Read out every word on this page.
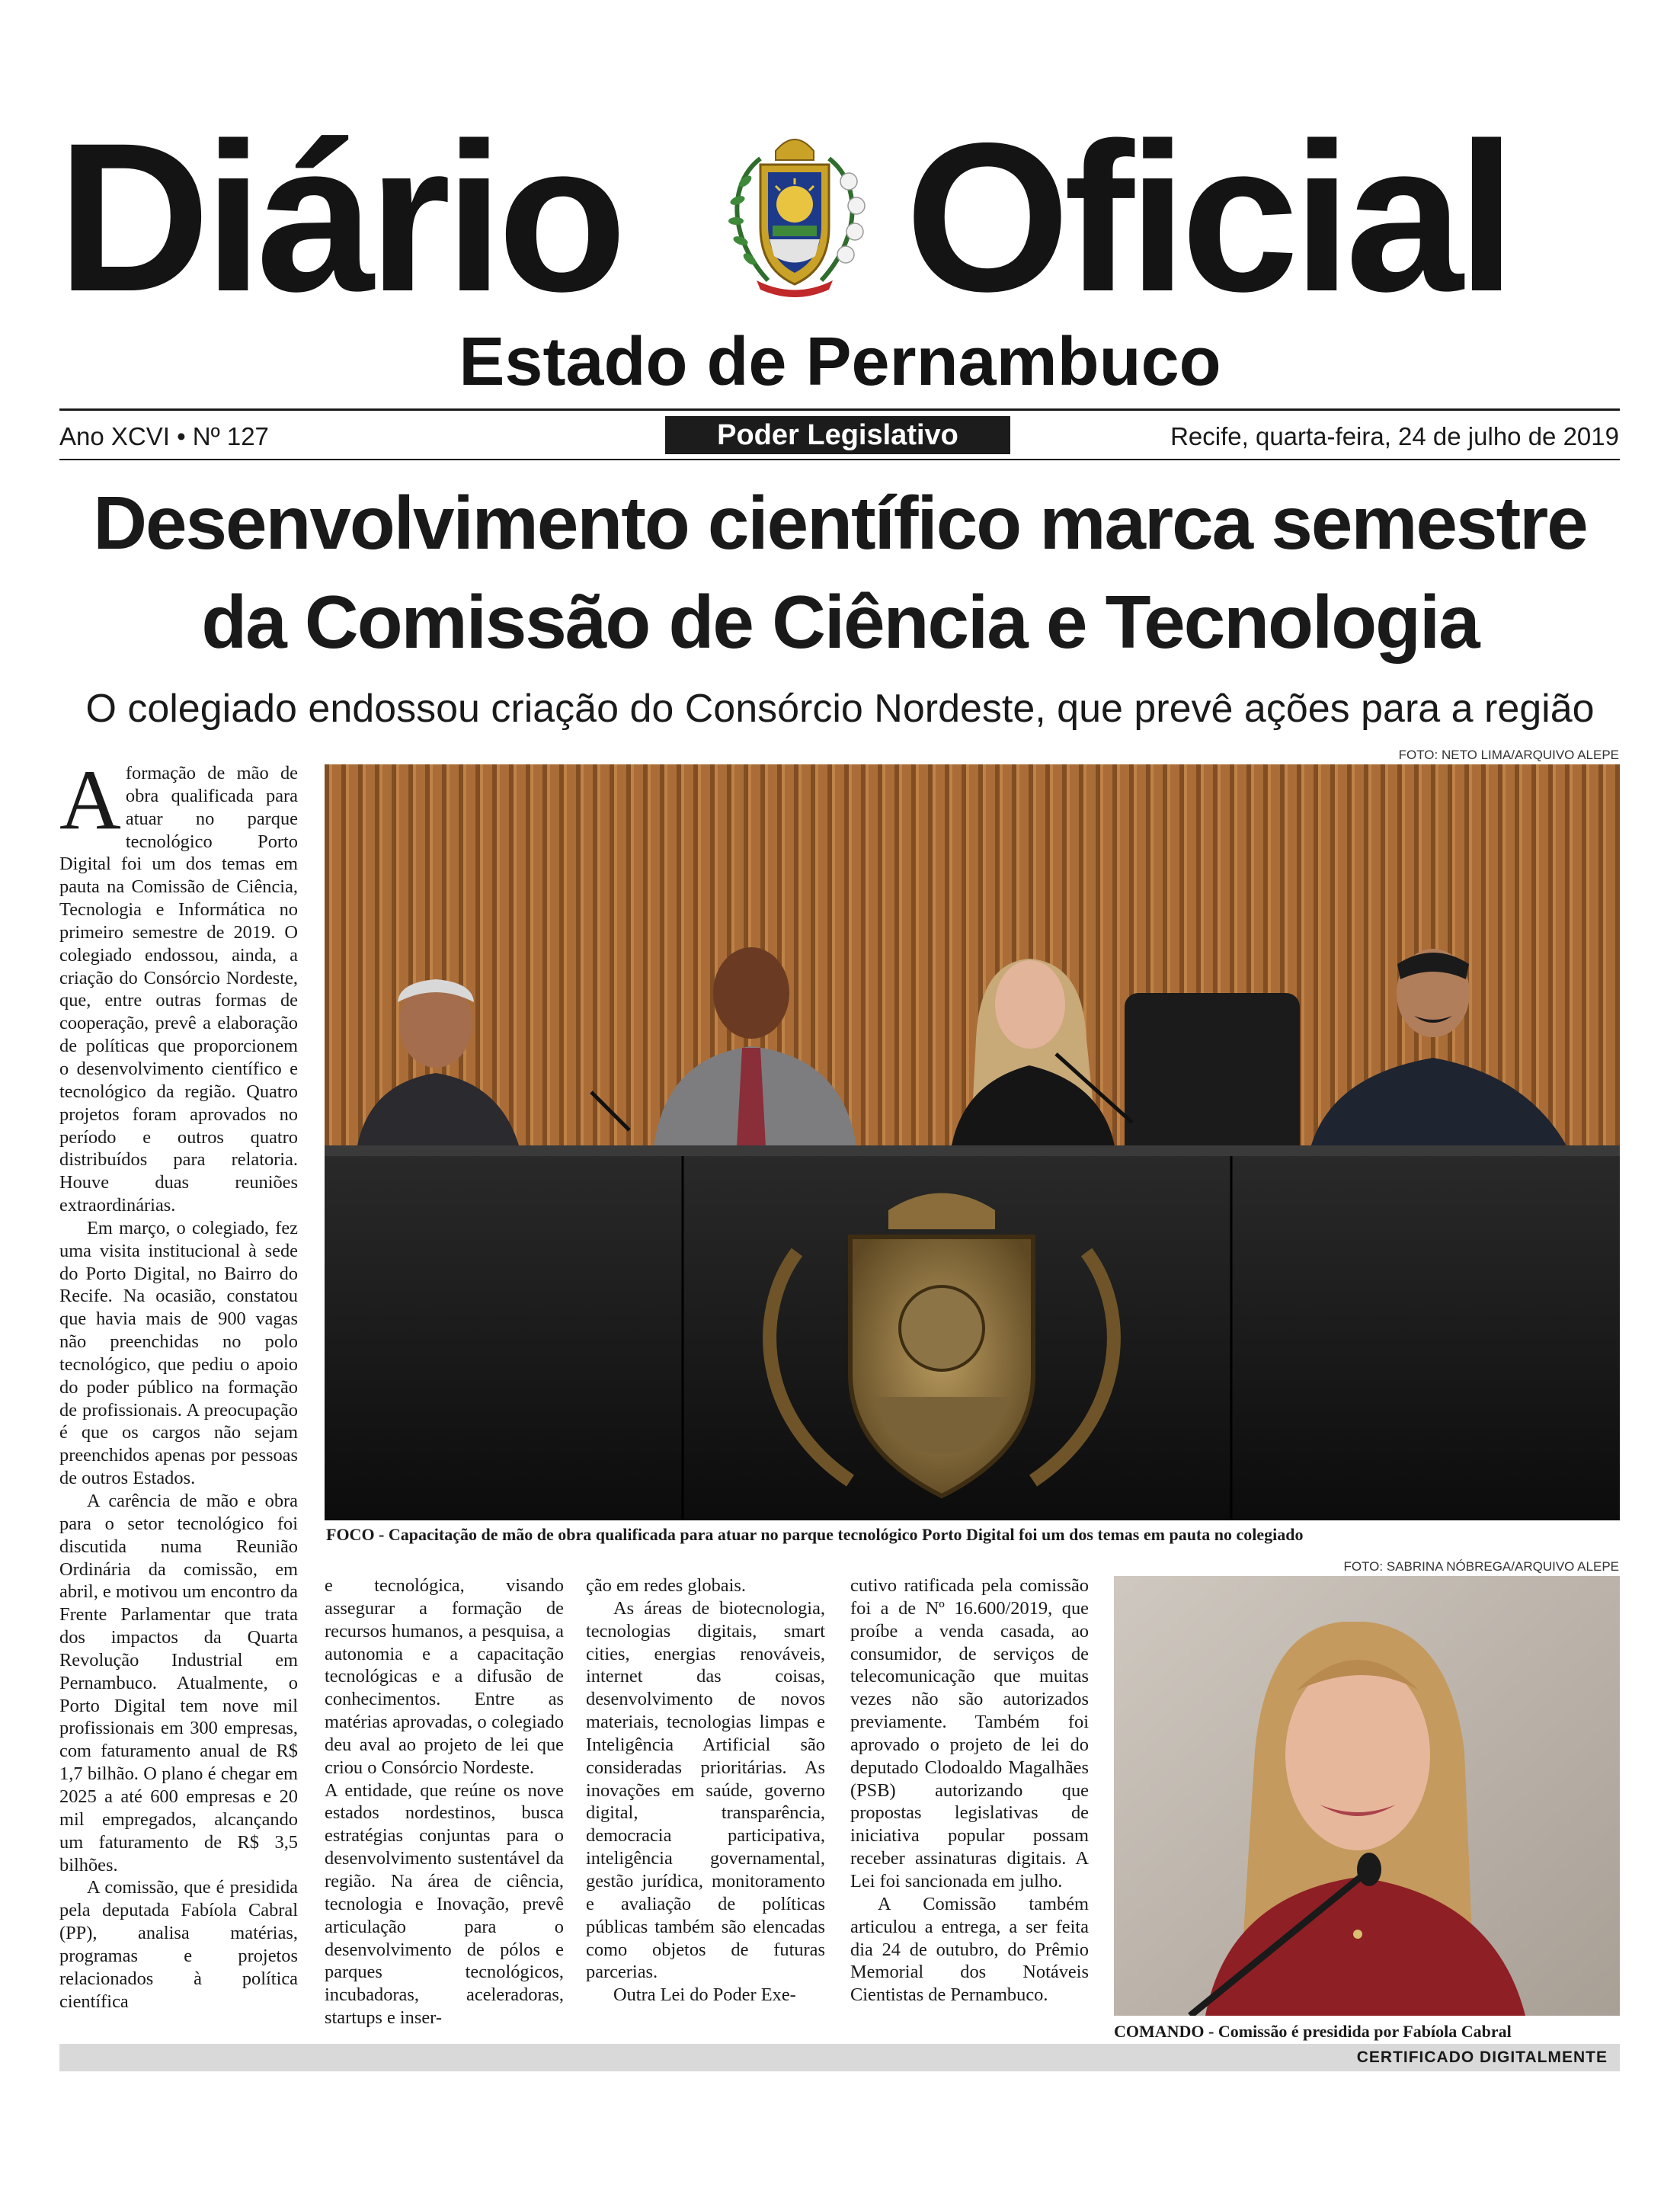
Diário Oficial
Estado de Pernambuco
Ano XCVI • Nº 127	Poder Legislativo	Recife, quarta-feira, 24 de julho de 2019
Desenvolvimento científico marca semestre
da Comissão de Ciência e Tecnologia
O colegiado endossou criação do Consórcio Nordeste, que prevê ações para a região
FOTO: NETO LIMA/ARQUIVO ALEPE
FOCO - Capacitação de mão de obra qualificada para atuar no parque tecnológico Porto Digital foi um dos temas em pauta no colegiado

Aformação de mão de obra qualificada para atuar no parque tecnológico Porto Digital foi um dos temas em pauta na Comissão de Ciência, Tecnologia e Informática no primeiro semestre de 2019. O colegiado endossou, ainda, a criação do Consórcio Nordeste, que, entre outras formas de cooperação, prevê a elaboração de políticas que proporcionem o desenvolvimento científico e tecnológico da região. Quatro projetos foram aprovados no período e outros quatro distribuídos para relatoria. Houve duas reuniões extraordinárias.

Em março, o colegiado, fez uma visita institucional à sede do Porto Digital, no Bairro do Recife. Na ocasião, constatou que havia mais de 900 vagas não preenchidas no polo tecnológico, que pediu o apoio do poder público na formação de profissionais. A preocupação é que os cargos não sejam preenchidos apenas por pessoas de outros Estados.

A carência de mão e obra para o setor tecnológico foi discutida numa Reunião Ordinária da comissão, em abril, e motivou um encontro da Frente Parlamentar que trata dos impactos da Quarta Revolução Industrial em Pernambuco. Atualmente, o Porto Digital tem nove mil profissionais em 300 empresas, com faturamento anual de R$ 1,7 bilhão. O plano é chegar em 2025 a até 600 empresas e 20 mil empregados, alcançando um faturamento de R$ 3,5 bilhões.

A comissão, que é presidida pela deputada Fabíola Cabral (PP), analisa matérias, programas e projetos relacionados à política científica

e tecnológica, visando assegurar a formação de recursos humanos, a pesquisa, a autonomia e a capacitação tecnológicas e a difusão de conhecimentos. Entre as matérias aprovadas, o colegiado deu aval ao projeto de lei que criou o Consórcio Nordeste.

A entidade, que reúne os nove estados nordestinos, busca estratégias conjuntas para o desenvolvimento sustentável da região. Na área de ciência, tecnologia e Inovação, prevê articulação para o desenvolvimento de pólos e parques tecnológicos, incubadoras, aceleradoras, startups e inser-

ção em redes globais.

As áreas de biotecnologia, tecnologias digitais, smart cities, energias renováveis, internet das coisas, desenvolvimento de novos materiais, tecnologias limpas e Inteligência Artificial são consideradas prioritárias. As inovações em saúde, governo digital, transparência, democracia participativa, inteligência governamental, gestão jurídica, monitoramento e avaliação de políticas públicas também são elencadas como objetos de futuras parcerias.

Outra Lei do Poder Exe-

cutivo ratificada pela comissão foi a de Nº 16.600/2019, que proíbe a venda casada, ao consumidor, de serviços de telecomunicação que muitas vezes não são autorizados previamente. Também foi aprovado o projeto de lei do deputado Clodoaldo Magalhães (PSB) autorizando que propostas legislativas de iniciativa popular possam receber assinaturas digitais. A Lei foi sancionada em julho.

A Comissão também articulou a entrega, a ser feita dia 24 de outubro, do Prêmio Memorial dos Notáveis Cientistas de Pernambuco.

FOTO: SABRINA NÓBREGA/ARQUIVO ALEPE
COMANDO - Comissão é presidida por Fabíola Cabral
CERTIFICADO DIGITALMENTE
